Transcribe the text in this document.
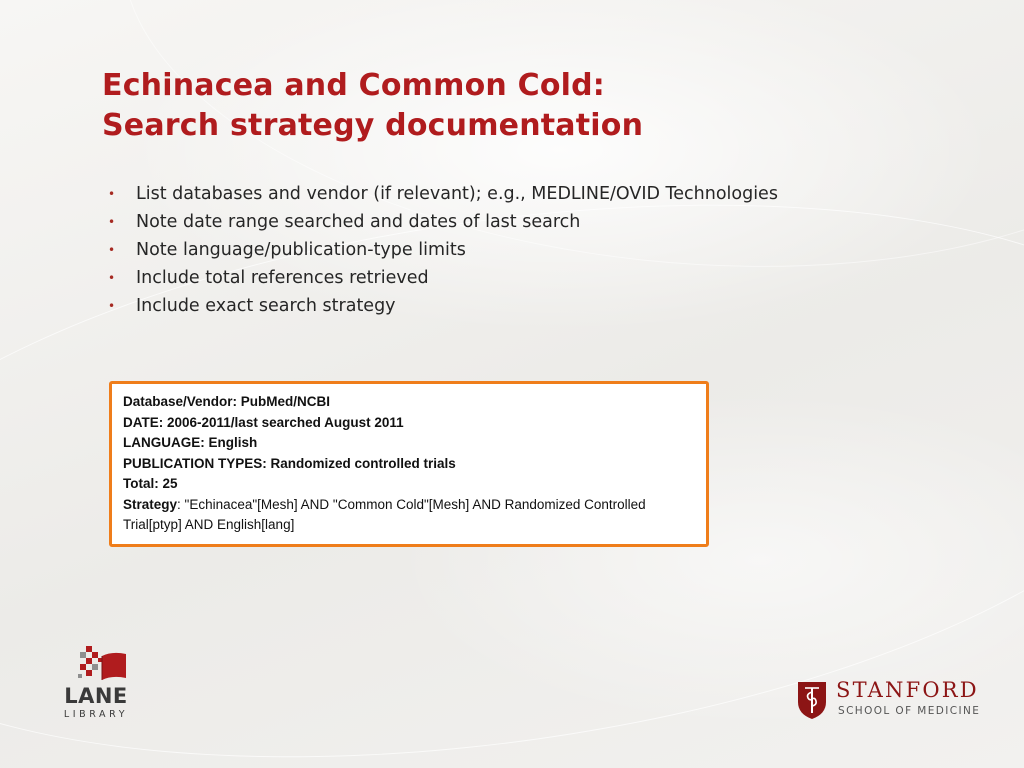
Echinacea and Common Cold:
Search strategy documentation
• List databases and vendor (if relevant); e.g., MEDLINE/OVID Technologies
• Note date range searched and dates of last search
• Note language/publication-type limits
• Include total references retrieved
• Include exact search strategy
Database/Vendor: PubMed/NCBI
DATE: 2006-2011/last searched August 2011
LANGUAGE: English
PUBLICATION TYPES: Randomized controlled trials
Total: 25
Strategy: "Echinacea"[Mesh] AND "Common Cold"[Mesh] AND Randomized Controlled Trial[ptyp] AND English[lang]
LANE
LIBRARY
STANFORD
SCHOOL OF MEDICINE
